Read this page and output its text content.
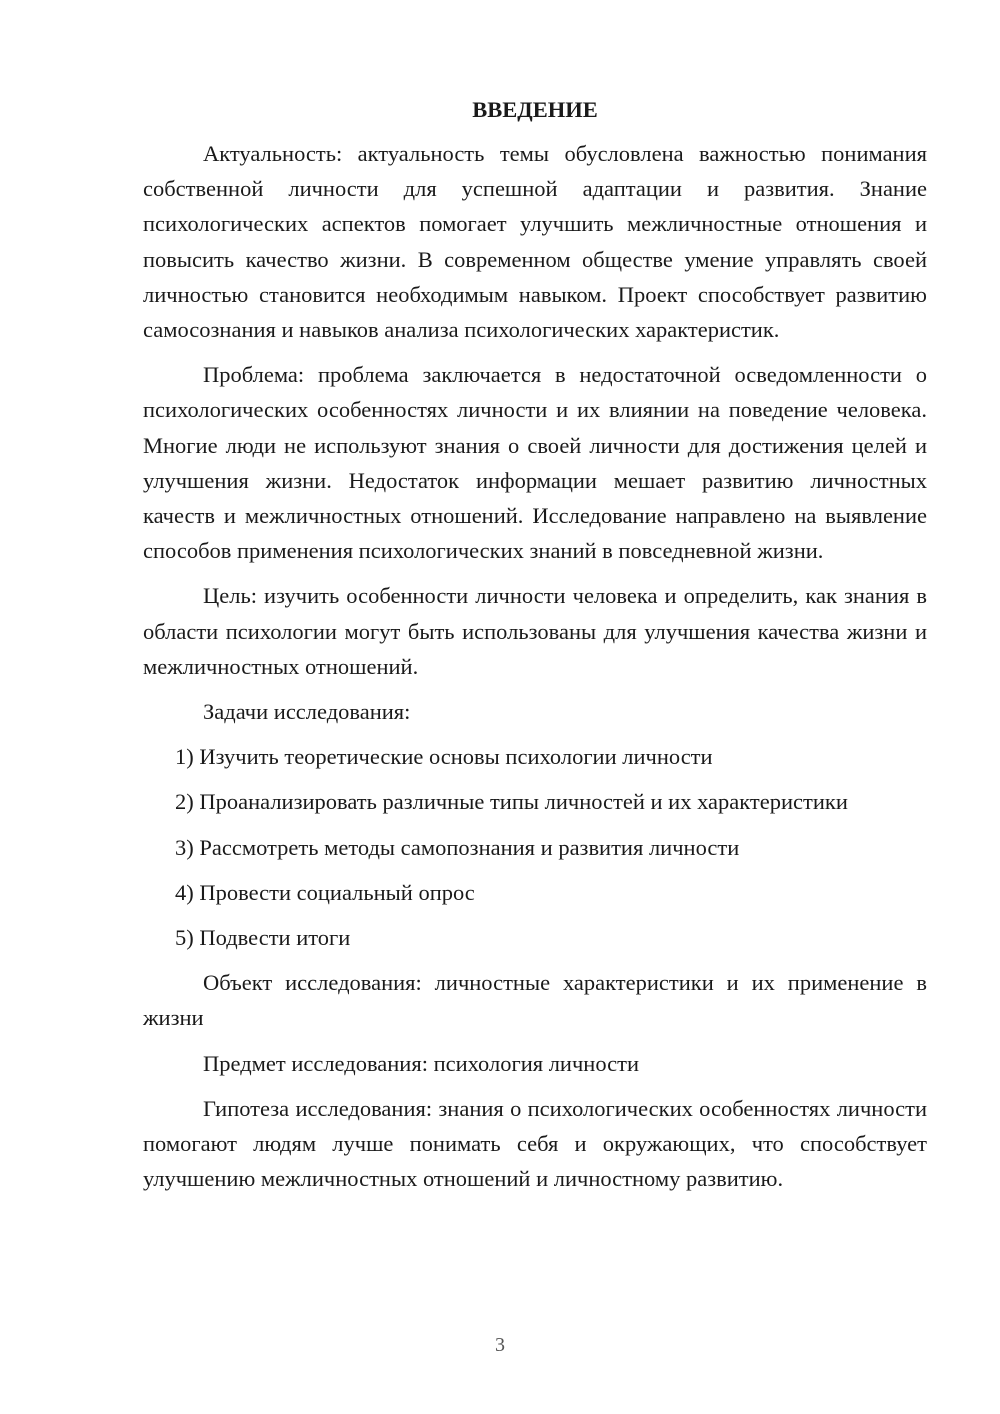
ВВЕДЕНИЕ

Актуальность: актуальность темы обусловлена важностью понимания собственной личности для успешной адаптации и развития. Знание психологических аспектов помогает улучшить межличностные отношения и повысить качество жизни. В современном обществе умение управлять своей личностью становится необходимым навыком. Проект способствует развитию самосознания и навыков анализа психологических характеристик.

Проблема: проблема заключается в недостаточной осведомленности о психологических особенностях личности и их влиянии на поведение человека. Многие люди не используют знания о своей личности для достижения целей и улучшения жизни. Недостаток информации мешает развитию личностных качеств и межличностных отношений. Исследование направлено на выявление способов применения психологических знаний в повседневной жизни.

Цель: изучить особенности личности человека и определить, как знания в области психологии могут быть использованы для улучшения качества жизни и межличностных отношений.

Задачи исследования:

1) Изучить теоретические основы психологии личности
2) Проанализировать различные типы личностей и их характеристики
3) Рассмотреть методы самопознания и развития личности
4) Провести социальный опрос
5) Подвести итоги

Объект исследования: личностные характеристики и их применение в жизни

Предмет исследования: психология личности

Гипотеза исследования: знания о психологических особенностях личности помогают людям лучше понимать себя и окружающих, что способствует улучшению межличностных отношений и личностному развитию.

3
